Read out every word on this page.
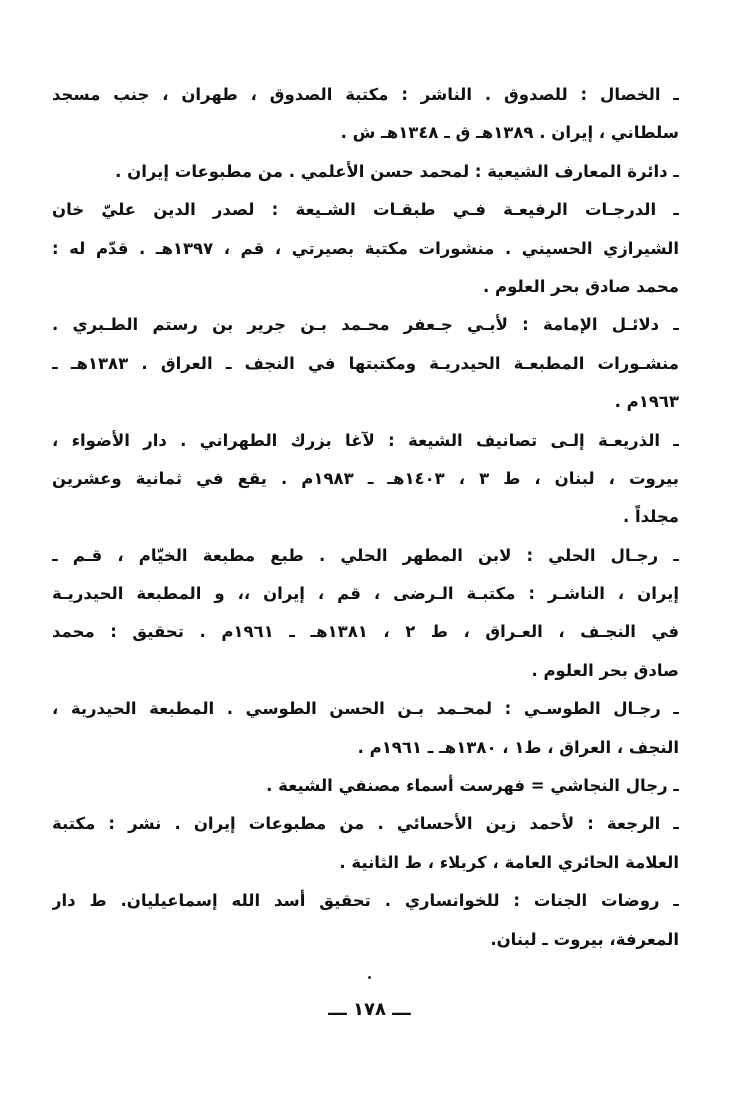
ـ الخصال : للصدوق . الناشر : مكتبة الصدوق ، طهران ، جنب مسجد
سلطاني ، إيران . ١٣٨٩هـ ق ـ ١٣٤٨هـ ش .
ـ دائرة المعارف الشيعية : لمحمد حسن الأعلمي . من مطبوعات إيران .
ـ الدرجـات الرفيعـة فـي طبقـات الشـيعة : لصدر الدين عليّ خان
الشيرازي الحسيني . منشورات مكتبة بصيرتي ، قم ، ١٣٩٧هـ . قدّم له :
محمد صادق بحر العلوم .
ـ دلائـل الإمامة : لأبـي جـعفر محـمد بـن جرير بن رستم الطـبري .
منشـورات المطبعـة الحيدريـة ومكتبتها في النجف ـ العراق . ١٣٨٣هـ ـ
١٩٦٣م .
ـ الذريعـة إلـى تصانيف الشيعة : لآغا بزرك الطهراني . دار الأضواء ،
بيروت ، لبنان ، ط ٣ ، ١٤٠٣هـ ـ ١٩٨٣م . يقع في ثمانية وعشرين
مجلداً .
ـ رجـال الحلي : لابن المطهر الحلي . طبع مطبعة الخيّام ، قـم ـ
إيران ، الناشـر : مكتبـة الـرضى ، قم ، إيران ،، و المطبعة الحيدريـة
في النجـف ، العـراق ، ط ٢ ، ١٣٨١هـ ـ ١٩٦١م . تحقيق : محمد
صادق بحر العلوم .
ـ رجـال الطوسـي : لمحـمد بـن الحسن الطوسي . المطبعة الحيدرية ،
النجف ، العراق ، ط١ ، ١٣٨٠هـ ـ ١٩٦١م .
ـ رجال النجاشي = فهرست أسماء مصنفي الشيعة .
ـ الرجعة : لأحمد زين الأحسائي . من مطبوعات إيران . نشر : مكتبة
العلامة الحائري العامة ، كربلاء ، ط الثانية .
ـ روضات الجنات : للخوانساري . تحقيق أسد الله إسماعيليان. ط دار
المعرفة، بيروت ـ لبنان.
ـــ ١٧٨ ـــ
